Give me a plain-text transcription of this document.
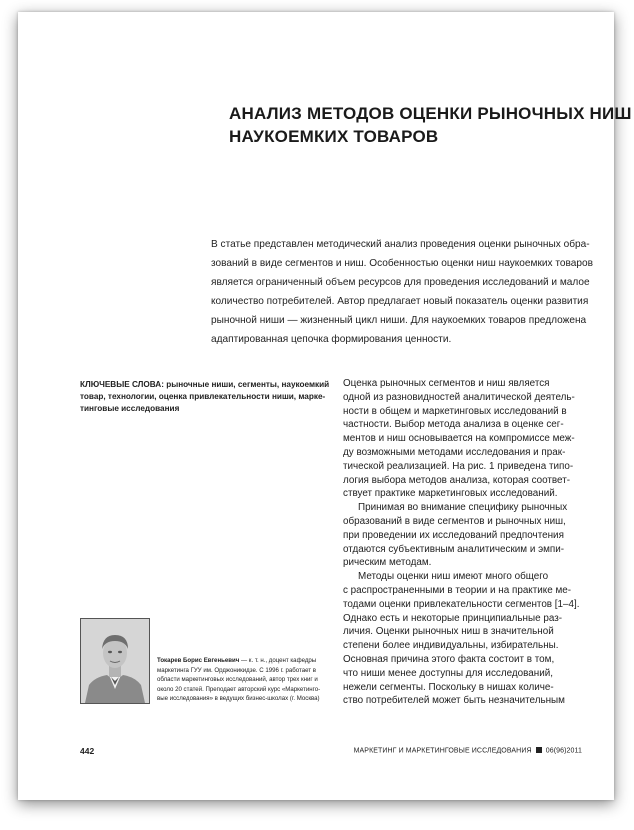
АНАЛИЗ МЕТОДОВ ОЦЕНКИ РЫНОЧНЫХ НИШ
НАУКОЕМКИХ ТОВАРОВ
В статье представлен методический анализ проведения оценки рыночных обра-
зований в виде сегментов и ниш. Особенностью оценки ниш наукоемких товаров
является ограниченный объем ресурсов для проведения исследований и малое
количество потребителей. Автор предлагает новый показатель оценки развития
рыночной ниши — жизненный цикл ниши. Для наукоемких товаров предложена
адаптированная цепочка формирования ценности.
КЛЮЧЕВЫЕ СЛОВА: рыночные ниши, сегменты, наукоемкий
товар, технологии, оценка привлекательности ниши, марке-
тинговые исследования
Оценка рыночных сегментов и ниш является
одной из разновидностей аналитической деятель-
ности в общем и маркетинговых исследований в
частности. Выбор метода анализа в оценке сег-
ментов и ниш основывается на компромиссе меж-
ду возможными методами исследования и прак-
тической реализацией. На рис. 1 приведена типо-
логия выбора методов анализа, которая соответ-
ствует практике маркетинговых исследований.
Принимая во внимание специфику рыночных
образований в виде сегментов и рыночных ниш,
при проведении их исследований предпочтения
отдаются субъективным аналитическим и эмпи-
рическим методам.
Методы оценки ниш имеют много общего
с распространенными в теории и на практике ме-
тодами оценки привлекательности сегментов [1–4].
Однако есть и некоторые принципиальные раз-
личия. Оценки рыночных ниш в значительной
степени более индивидуальны, избирательны.
Основная причина этого факта состоит в том,
что ниши менее доступны для исследований,
нежели сегменты. Поскольку в нишах количе-
ство потребителей может быть незначительным
Токарев Борис Евгеньевич — к. т. н., доцент кафедры
маркетинга ГУУ им. Орджоникидзе. С 1996 г. работает в
области маркетинговых исследований, автор трех книг и
около 20 статей. Преподает авторский курс «Маркетинго-
вые исследования» в ведущих бизнес-школах (г. Москва)
442	МАРКЕТИНГ И МАРКЕТИНГОВЫЕ ИССЛЕДОВАНИЯ 06(96)2011
